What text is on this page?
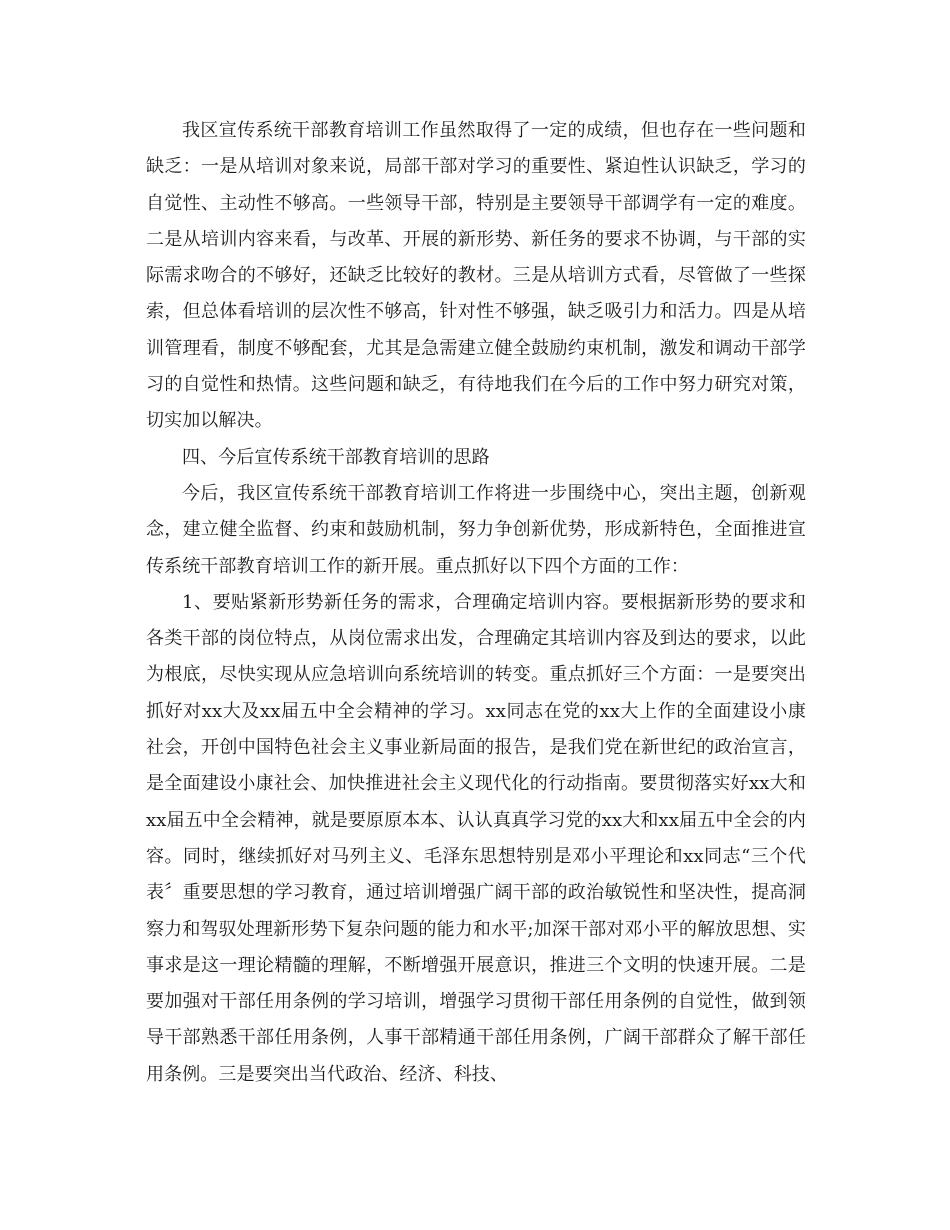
我区宣传系统干部教育培训工作虽然取得了一定的成绩，但也存在一些问题和缺乏：一是从培训对象来说，局部干部对学习的重要性、紧迫性认识缺乏，学习的自觉性、主动性不够高。一些领导干部，特别是主要领导干部调学有一定的难度。二是从培训内容来看，与改革、开展的新形势、新任务的要求不协调，与干部的实际需求吻合的不够好，还缺乏比较好的教材。三是从培训方式看，尽管做了一些探索，但总体看培训的层次性不够高，针对性不够强，缺乏吸引力和活力。四是从培训管理看，制度不够配套，尤其是急需建立健全鼓励约束机制，激发和调动干部学习的自觉性和热情。这些问题和缺乏，有待地我们在今后的工作中努力研究对策，切实加以解决。

四、今后宣传系统干部教育培训的思路

今后，我区宣传系统干部教育培训工作将进一步围绕中心，突出主题，创新观念，建立健全监督、约束和鼓励机制，努力争创新优势，形成新特色，全面推进宣传系统干部教育培训工作的新开展。重点抓好以下四个方面的工作：

1、要贴紧新形势新任务的需求，合理确定培训内容。要根据新形势的要求和各类干部的岗位特点，从岗位需求出发，合理确定其培训内容及到达的要求，以此为根底，尽快实现从应急培训向系统培训的转变。重点抓好三个方面：一是要突出抓好对xx大及xx届五中全会精神的学习。xx同志在党的xx大上作的全面建设小康社会，开创中国特色社会主义事业新局面的报告，是我们党在新世纪的政治宣言，是全面建设小康社会、加快推进社会主义现代化的行动指南。要贯彻落实好xx大和xx届五中全会精神，就是要原原本本、认认真真学习党的xx大和xx届五中全会的内容。同时，继续抓好对马列主义、毛泽东思想特别是邓小平理论和xx同志“三个代表〞重要思想的学习教育，通过培训增强广阔干部的政治敏锐性和坚决性，提高洞察力和驾驭处理新形势下复杂问题的能力和水平;加深干部对邓小平的解放思想、实事求是这一理论精髓的理解，不断增强开展意识，推进三个文明的快速开展。二是要加强对干部任用条例的学习培训，增强学习贯彻干部任用条例的自觉性，做到领导干部熟悉干部任用条例，人事干部精通干部任用条例，广阔干部群众了解干部任用条例。三是要突出当代政治、经济、科技、
